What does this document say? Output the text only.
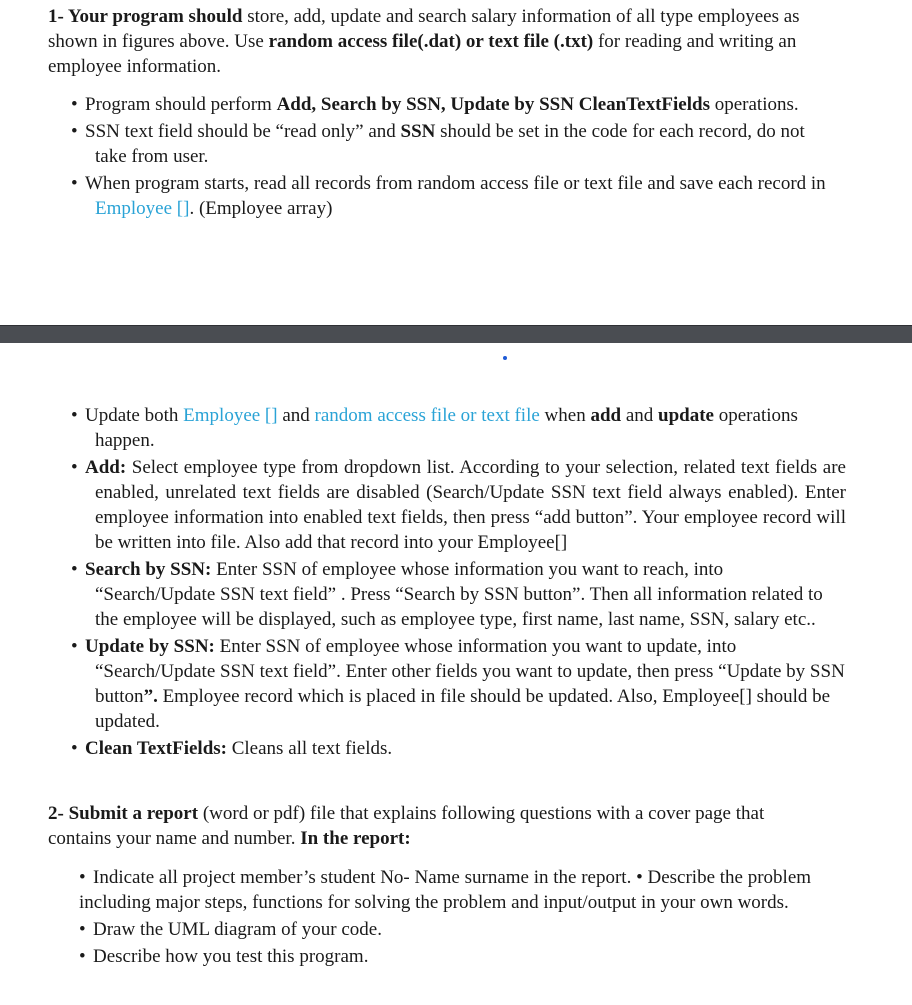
1- Your program should store, add, update and search salary information of all type employees as shown in figures above. Use random access file(.dat) or text file (.txt) for reading and writing an employee information.

• Program should perform Add, Search by SSN, Update by SSN CleanTextFields operations.
• SSN text field should be “read only” and SSN should be set in the code for each record, do not take from user.
• When program starts, read all records from random access file or text file and save each record in Employee []. (Employee array)
• Update both Employee [] and random access file or text file when add and update operations happen.
• Add: Select employee type from dropdown list. According to your selection, related text fields are enabled, unrelated text fields are disabled (Search/Update SSN text field always enabled). Enter employee information into enabled text fields, then press “add button”. Your employee record will be written into file. Also add that record into your Employee[]
• Search by SSN: Enter SSN of employee whose information you want to reach, into “Search/Update SSN text field” . Press “Search by SSN button”. Then all information related to the employee will be displayed, such as employee type, first name, last name, SSN, salary etc..
• Update by SSN: Enter SSN of employee whose information you want to update, into “Search/Update SSN text field”. Enter other fields you want to update, then press “Update by SSN button”. Employee record which is placed in file should be updated. Also, Employee[] should be updated.
• Clean TextFields: Cleans all text fields.

2- Submit a report (word or pdf) file that explains following questions with a cover page that contains your name and number. In the report:

• Indicate all project member’s student No- Name surname in the report. • Describe the problem including major steps, functions for solving the problem and input/output in your own words.
• Draw the UML diagram of your code.
• Describe how you test this program.
